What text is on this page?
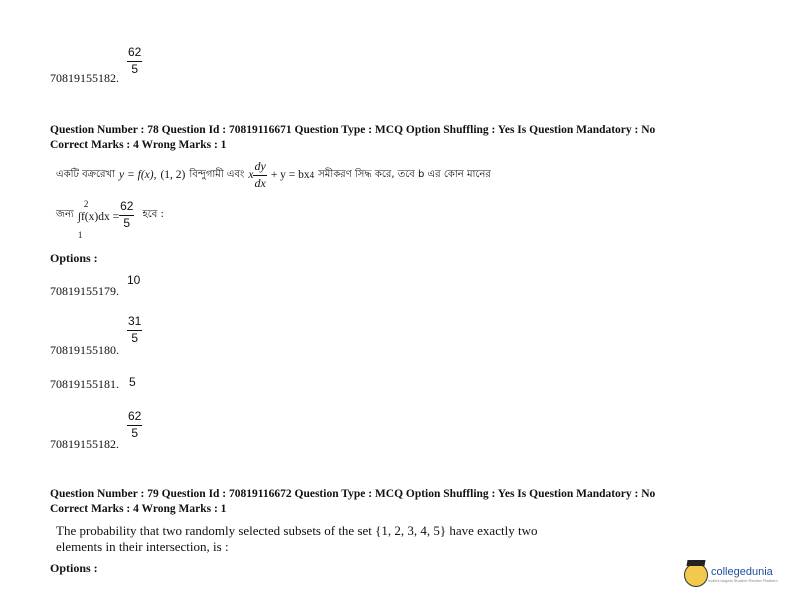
62
5
70819155182.
Question Number : 78 Question Id : 70819116671 Question Type : MCQ Option Shuffling : Yes Is Question Mandatory : No
Correct Marks : 4 Wrong Marks : 1
একটি বক্ররেখা y = f(x), (1, 2) বিন্দুগামী এবং x $\frac{dy}{dx} + y$ = bx 4 সমীকরণ সিদ্ধ করে, তবে b এর কোন মানের
জন্য
2
1
$\int f(x)dx = \frac{62}{5}$ হবে :
Options :
10
70819155179.
31
5
70819155180.
5
70819155181.
62
5
70819155182.
Question Number : 79 Question Id : 70819116672 Question Type : MCQ Option Shuffling : Yes Is Question Mandatory : No
Correct Marks : 4 Wrong Marks : 1
The probability that two randomly selected subsets of the set {1, 2, 3, 4, 5} have exactly two
elements in their intersection, is :
Options :	collegedunia
India's largest Student Review Platform
